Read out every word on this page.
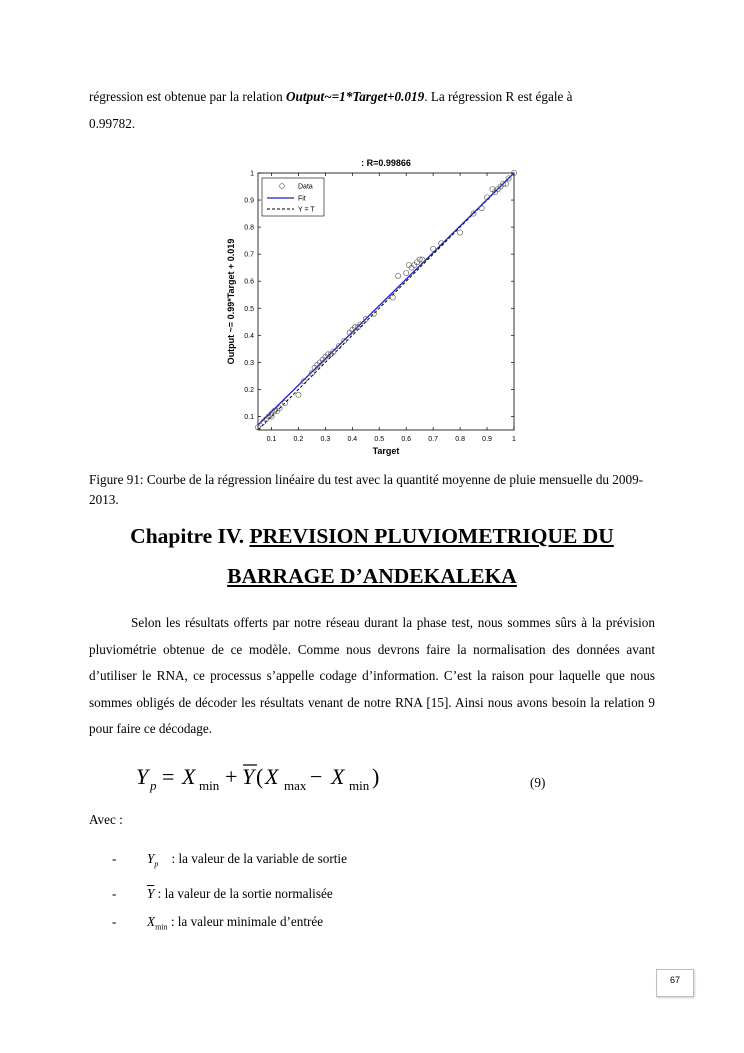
régression est obtenue par la relation Output~=1*Target+0.019. La régression R est égale à
0.99782.
: R=0.99866
Target
Output ~= 0.99*Target + 0.019
0.1 0.2 0.3 0.4 0.5 0.6 0.7 0.8 0.9	1
0.1
0.2
0.3
0.4
0.5
0.6
0.7
0.8
0.9
1
Data
Fit
Y = T
Figure 91: Courbe de la régression linéaire du test avec la quantité moyenne de pluie mensuelle du 2009-2013.
Chapitre IV. PREVISION PLUVIOMETRIQUE DU
BARRAGE D’ANDEKALEKA
Selon les résultats offerts par notre réseau durant la phase test, nous sommes sûrs à la prévision pluviométrie obtenue de ce modèle. Comme nous devrons faire la normalisation des données avant d’utiliser le RNA, ce processus s’appelle codage d’information. C’est la raison pour laquelle que nous sommes obligés de décoder les résultats venant de notre RNA [15]. Ainsi nous avons besoin la relation 9 pour faire ce décodage.
Y p = X min + Y ( X max − X min )	(9)
Avec :
- $Y_p$    : la valeur de la variable de sortie
- $\overline{Y}$ : la valeur de la sortie normalisée
- $X_{min}$ : la valeur minimale d’entrée
67
